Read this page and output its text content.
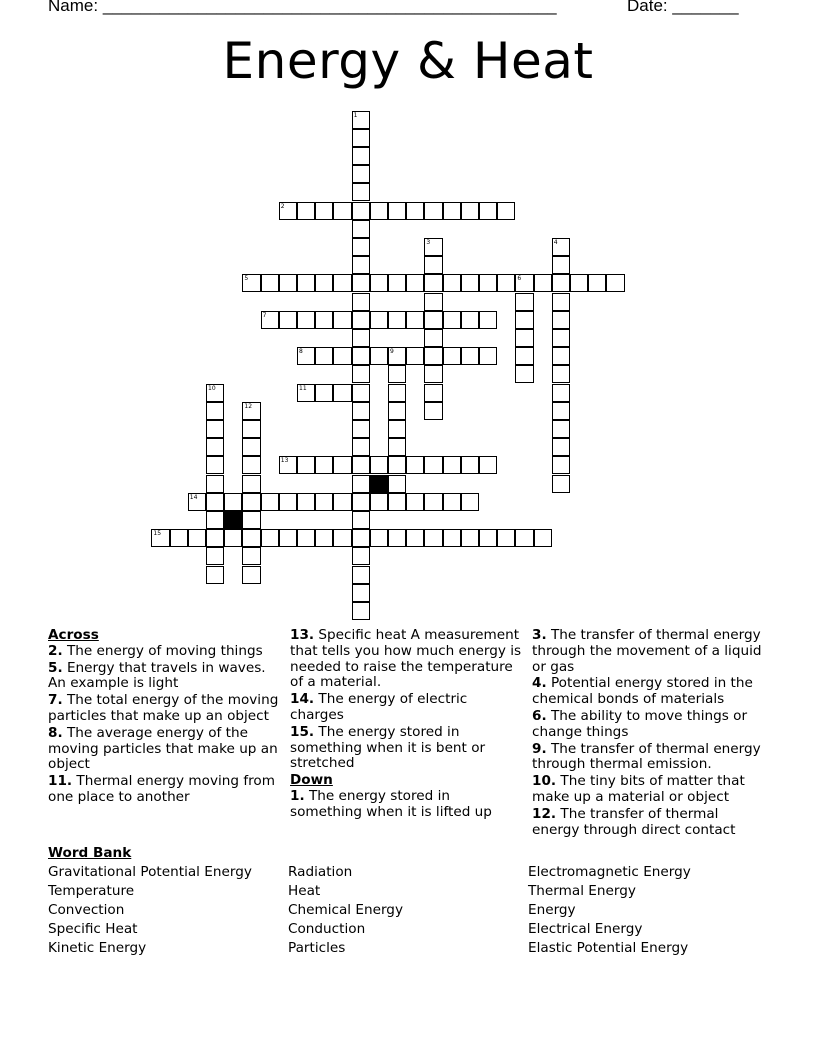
Name: ________________________________________________	Date: _______
Energy & Heat
1
2
3	4
5	6
7
8	9
10	11
12
13
14
15
Across

2. The energy of moving things

5. Energy that travels in waves. An example is light

7. The total energy of the moving particles that make up an object

8. The average energy of the moving particles that make up an object

11. Thermal energy moving from one place to another

13. Specific heat A measurement that tells you how much energy is needed to raise the temperature of a material.

14. The energy of electric charges

15. The energy stored in something when it is bent or stretched

Down

1. The energy stored in something when it is lifted up

3. The transfer of thermal energy through the movement of a liquid or gas

4. Potential energy stored in the chemical bonds of materials

6. The ability to move things or change things

9. The transfer of thermal energy through thermal emission.

10. The tiny bits of matter that make up a material or object

12. The transfer of thermal energy through direct contact

Word Bank
Gravitational Potential Energy
Temperature
Convection
Specific Heat
Kinetic Energy
Radiation
Heat
Chemical Energy
Conduction
Particles
Electromagnetic Energy
Thermal Energy
Energy
Electrical Energy
Elastic Potential Energy
